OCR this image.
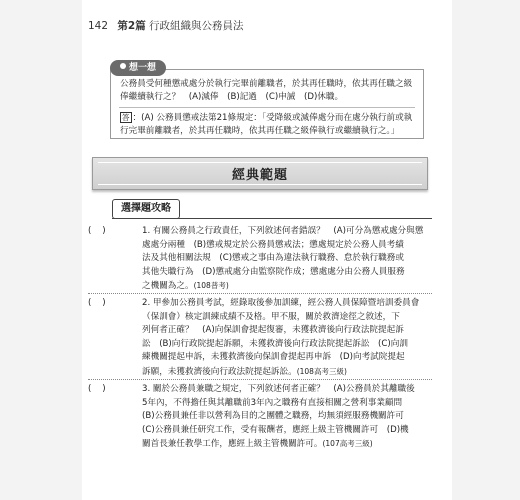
142 第2篇 行政組織與公務員法
公務員受何種懲戒處分於執行完畢前離職者，於其再任職時，依其再任職之級
俸繼續執行之？　(A)減俸　(B)記過　(C)申誡　(D)休職。
答 ：(A) 公務員懲戒法第21條規定：「受降級或減俸處分而在處分執行前或執
行完畢前離職者，於其再任職時，依其再任職之級俸執行或繼續執行之。」
想一想
經典範題
選擇題攻略
(    )	1. 有關公務員之行政責任，下列敘述何者錯誤？　(A)可分為懲戒處分與懲
處處分兩種　(B)懲戒規定於公務員懲戒法；懲處規定於公務人員考績
法及其他相關法規　(C)懲戒之事由為違法執行職務、怠於執行職務或
其他失職行為　(D)懲戒處分由監察院作成；懲處處分由公務人員服務
之機關為之。(108普考)
(    )	2. 甲參加公務員考試，經錄取後參加訓練，經公務人員保障暨培訓委員會
（保訓會）核定訓練成績不及格。甲不服，關於救濟途徑之敘述，下
列何者正確？　(A)向保訓會提起復審，未獲救濟後向行政法院提起訴
訟　(B)向行政院提起訴願，未獲救濟後向行政法院提起訴訟　(C)向訓
練機關提起申訴，未獲救濟後向保訓會提起再申訴　(D)向考試院提起
訴願，未獲救濟後向行政法院提起訴訟。(108高考三級)
(    )	3. 關於公務員兼職之規定，下列敘述何者正確？　(A)公務員於其離職後
5年內，不得擔任與其離職前3年內之職務有直接相關之營利事業顧問
(B)公務員兼任非以營利為目的之團體之職務，均無須經服務機關許可
(C)公務員兼任研究工作，受有報酬者，應經上級主管機關許可　(D)機
關首長兼任教學工作，應經上級主管機關許可。(107高考三級)
